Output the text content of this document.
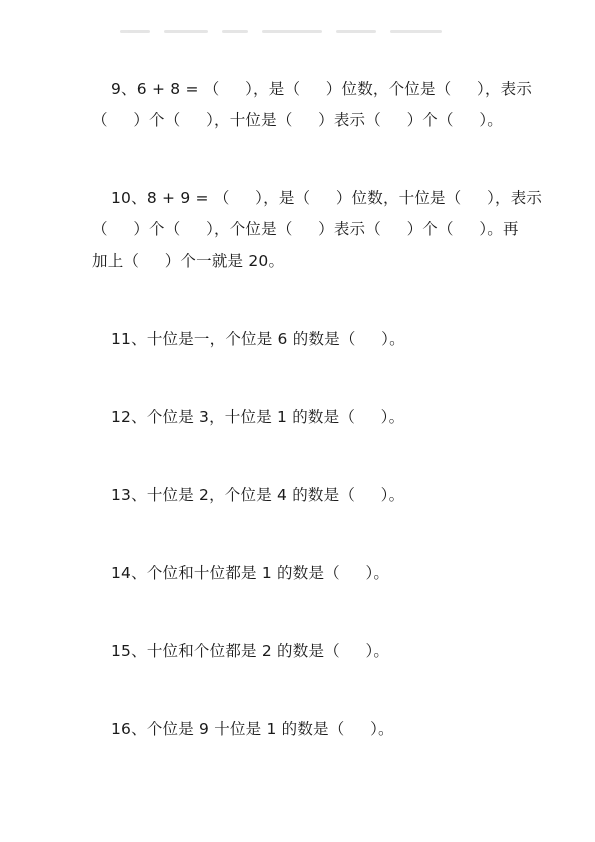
9、6 + 8 = （     ），是（     ）位数，个位是（     ），表示
（     ）个（     ），十位是（     ）表示（     ）个（     ）。
10、8 + 9 = （     ），是（     ）位数，十位是（     ），表示
（     ）个（     ），个位是（     ）表示（     ）个（     ）。再
加上（     ）个一就是 20。
11、十位是一，个位是 6 的数是（     ）。
12、个位是 3，十位是 1 的数是（     ）。
13、十位是 2，个位是 4 的数是（     ）。
14、个位和十位都是 1 的数是（     ）。
15、十位和个位都是 2 的数是（     ）。
16、个位是 9 十位是 1 的数是（     ）。
